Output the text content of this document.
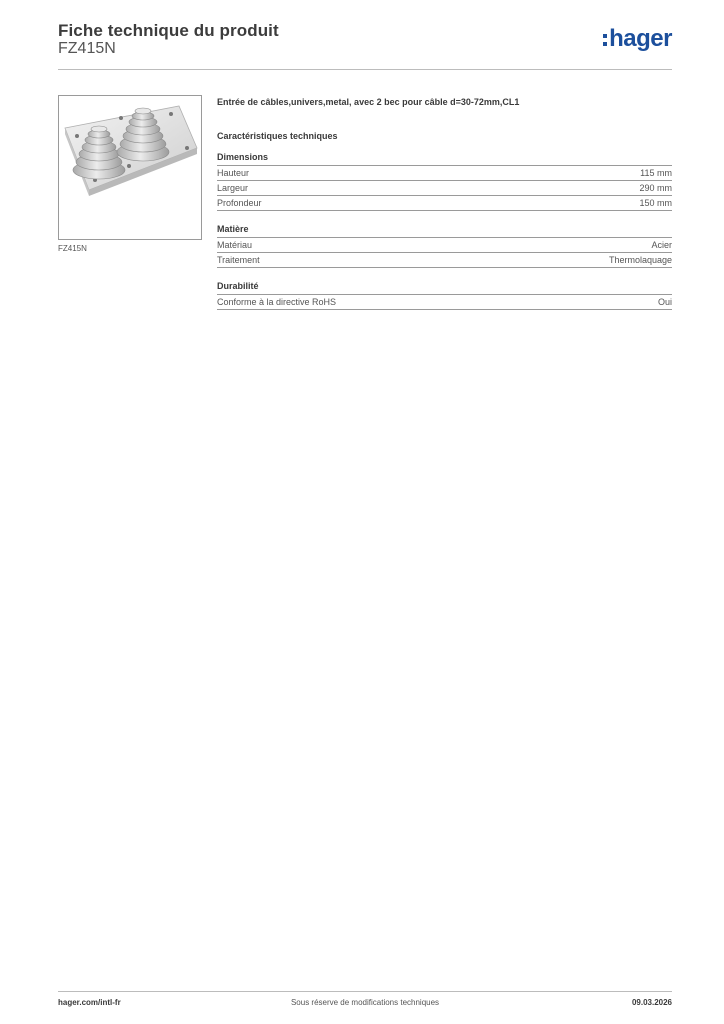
Fiche technique du produit
FZ415N	hager
FZ415N
Entrée de câbles,univers,metal, avec 2 bec pour câble d=30-72mm,CL1
Caractéristiques techniques
Dimensions
Hauteur	115 mm
Largeur	290 mm
Profondeur	150 mm
Matière
Matériau	Acier
Traitement	Thermolaquage
Durabilité
Conforme à la directive RoHS	Oui
hager.com/intl-fr	Sous réserve de modifications techniques	09.03.2026
